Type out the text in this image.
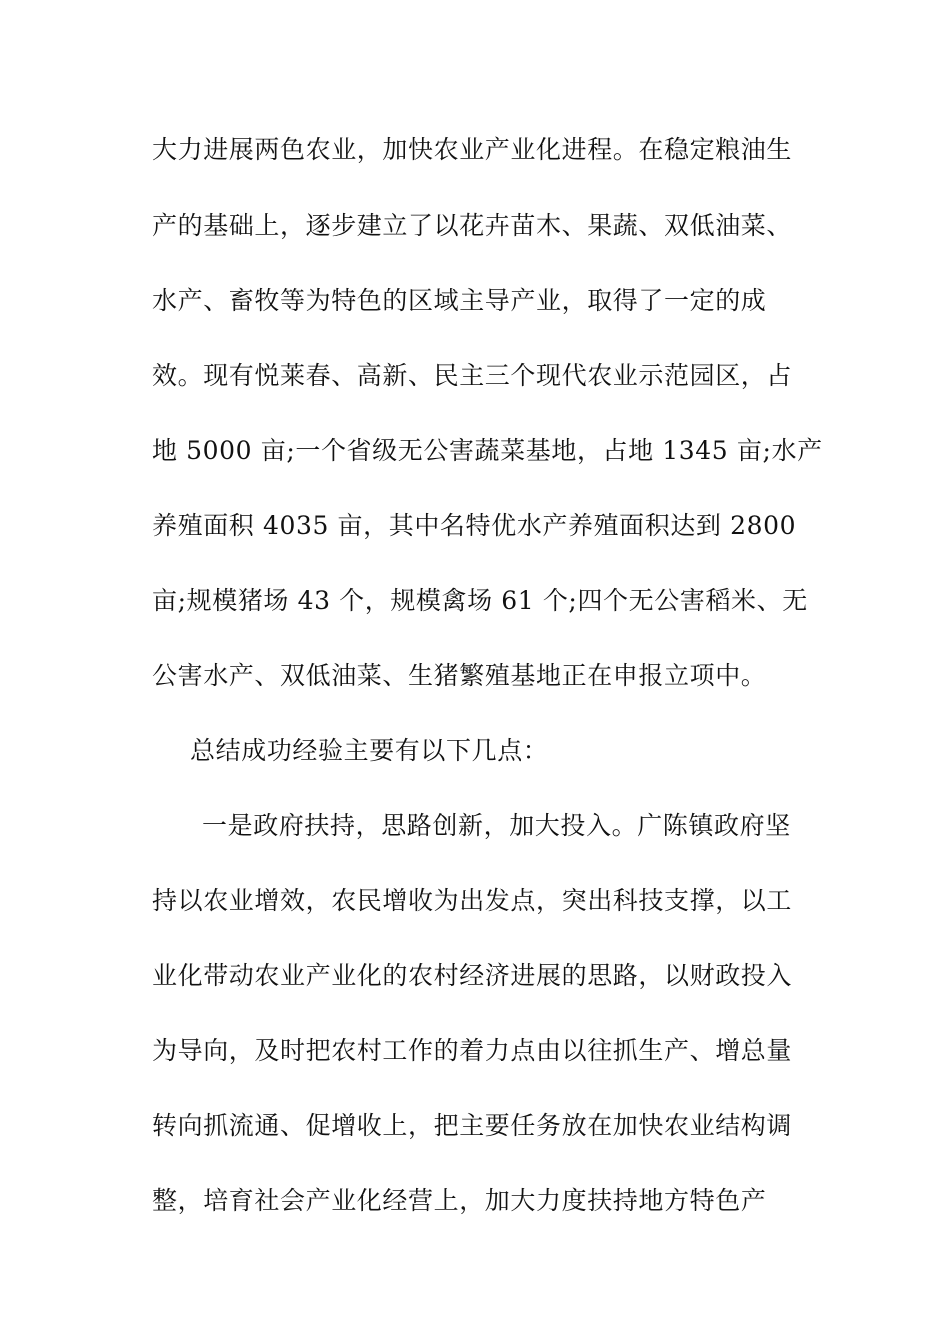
大力进展两色农业，加快农业产业化进程。在稳定粮油生

产的基础上，逐步建立了以花卉苗木、果蔬、双低油菜、

水产、畜牧等为特色的区域主导产业，取得了一定的成

效。现有悦莱春、高新、民主三个现代农业示范园区，占

地 5000 亩;一个省级无公害蔬菜基地，占地 1345 亩;水产

养殖面积 4035 亩，其中名特优水产养殖面积达到 2800

亩;规模猪场 43 个，规模禽场 61 个;四个无公害稻米、无

公害水产、双低油菜、生猪繁殖基地正在申报立项中。

总结成功经验主要有以下几点：

一是政府扶持，思路创新，加大投入。广陈镇政府坚

持以农业增效，农民增收为出发点，突出科技支撑，以工

业化带动农业产业化的农村经济进展的思路，以财政投入

为导向，及时把农村工作的着力点由以往抓生产、增总量

转向抓流通、促增收上，把主要任务放在加快农业结构调

整，培育社会产业化经营上，加大力度扶持地方特色产
